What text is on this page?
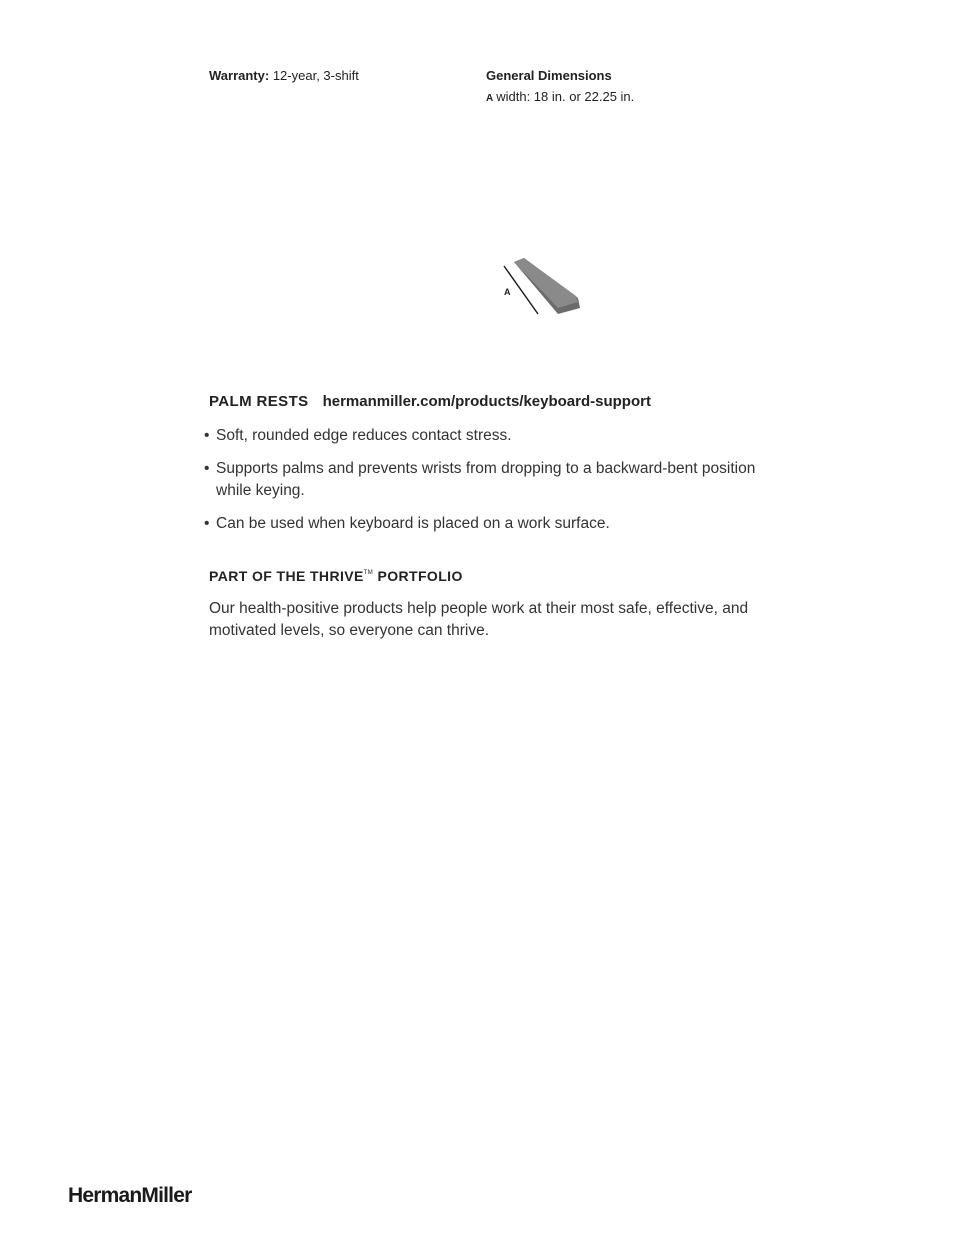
Warranty: 12-year, 3-shift	General Dimensions
A width: 18 in. or 22.25 in.
A
PALM RESTS hermanmiller.com/products/keyboard-support
• Soft, rounded edge reduces contact stress.
• Supports palms and prevents wrists from dropping to a backward-bent position while keying.
• Can be used when keyboard is placed on a work surface.
PART OF THE THRIVE™ PORTFOLIO
Our health-positive products help people work at their most safe, effective, and motivated levels, so everyone can thrive.
HermanMiller
